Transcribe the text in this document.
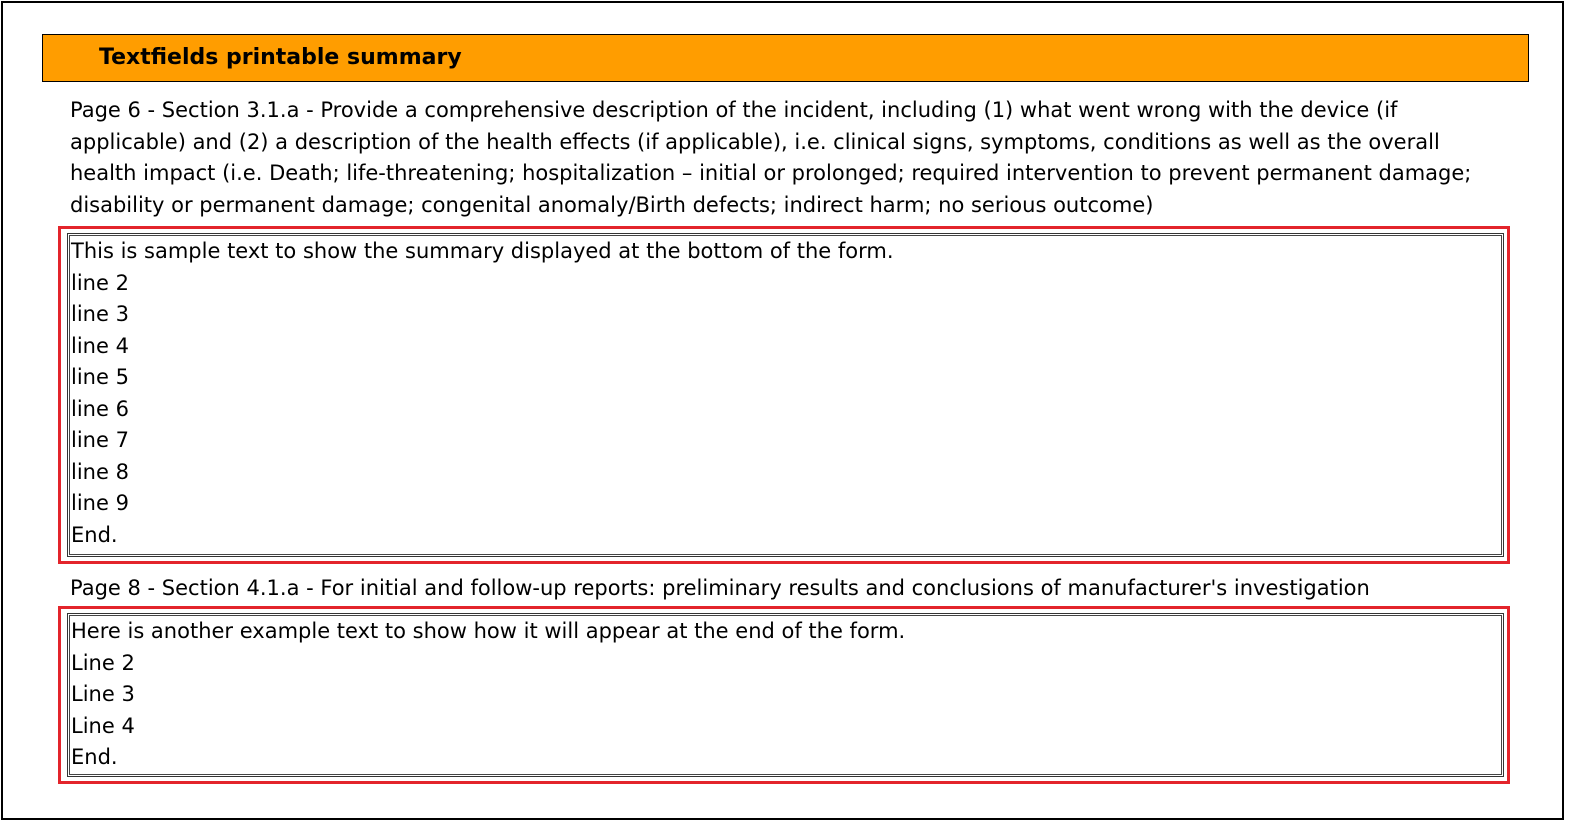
Textfields printable summary
Page 6 - Section 3.1.a - Provide a comprehensive description of the incident, including (1) what went wrong with the device (if applicable) and (2) a description of the health effects (if applicable), i.e. clinical signs, symptoms, conditions as well as the overall health impact (i.e. Death; life-threatening; hospitalization – initial or prolonged; required intervention to prevent permanent damage; disability or permanent damage; congenital anomaly/Birth defects; indirect harm; no serious outcome)
This is sample text to show the summary displayed at the bottom of the form.
line 2
line 3
line 4
line 5
line 6
line 7
line 8
line 9
End.
Page 8 - Section 4.1.a - For initial and follow-up reports: preliminary results and conclusions of manufacturer's investigation
Here is another example text to show how it will appear at the end of the form.
Line 2
Line 3
Line 4
End.
